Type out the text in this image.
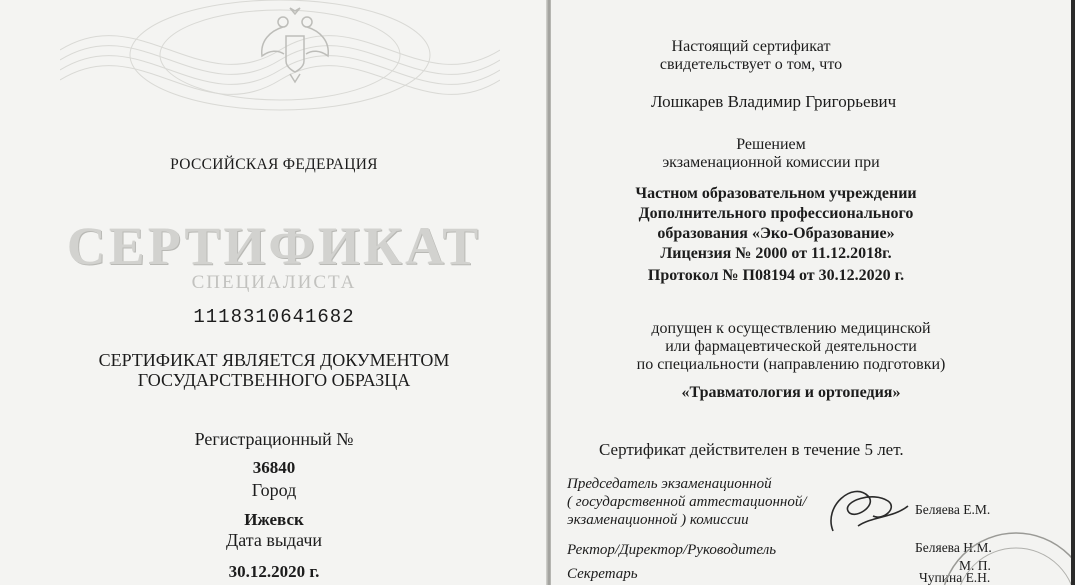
РОССИЙСКАЯ ФЕДЕРАЦИЯ
СЕРТИФИКАТ
СПЕЦИАЛИСТА
1118310641682
СЕРТИФИКАТ ЯВЛЯЕТСЯ ДОКУМЕНТОМ
ГОСУДАРСТВЕННОГО ОБРАЗЦА
Регистрационный №
36840
Город
Ижевск
Дата выдачи
30.12.2020 г.
Настоящий сертификат
свидетельствует о том, что
Лошкарев Владимир Григорьевич
Решением
экзаменационной комиссии при
Частном образовательном учреждении
Дополнительного профессионального
образования «Эко-Образование»
Лицензия № 2000 от 11.12.2018г.
Протокол № П08194 от 30.12.2020 г.
допущен к осуществлению медицинской
или фармацевтической деятельности
по специальности (направлению подготовки)
«Травматология и ортопедия»
Сертификат действителен в течение 5 лет.
Председатель экзаменационной
( государственной аттестационной/
экзаменационной ) комиссии
Беляева Е.М.
Ректор/Директор/Руководитель	Беляева Н.М.
М. П.
Секретарь	Чупина Е.Н.
